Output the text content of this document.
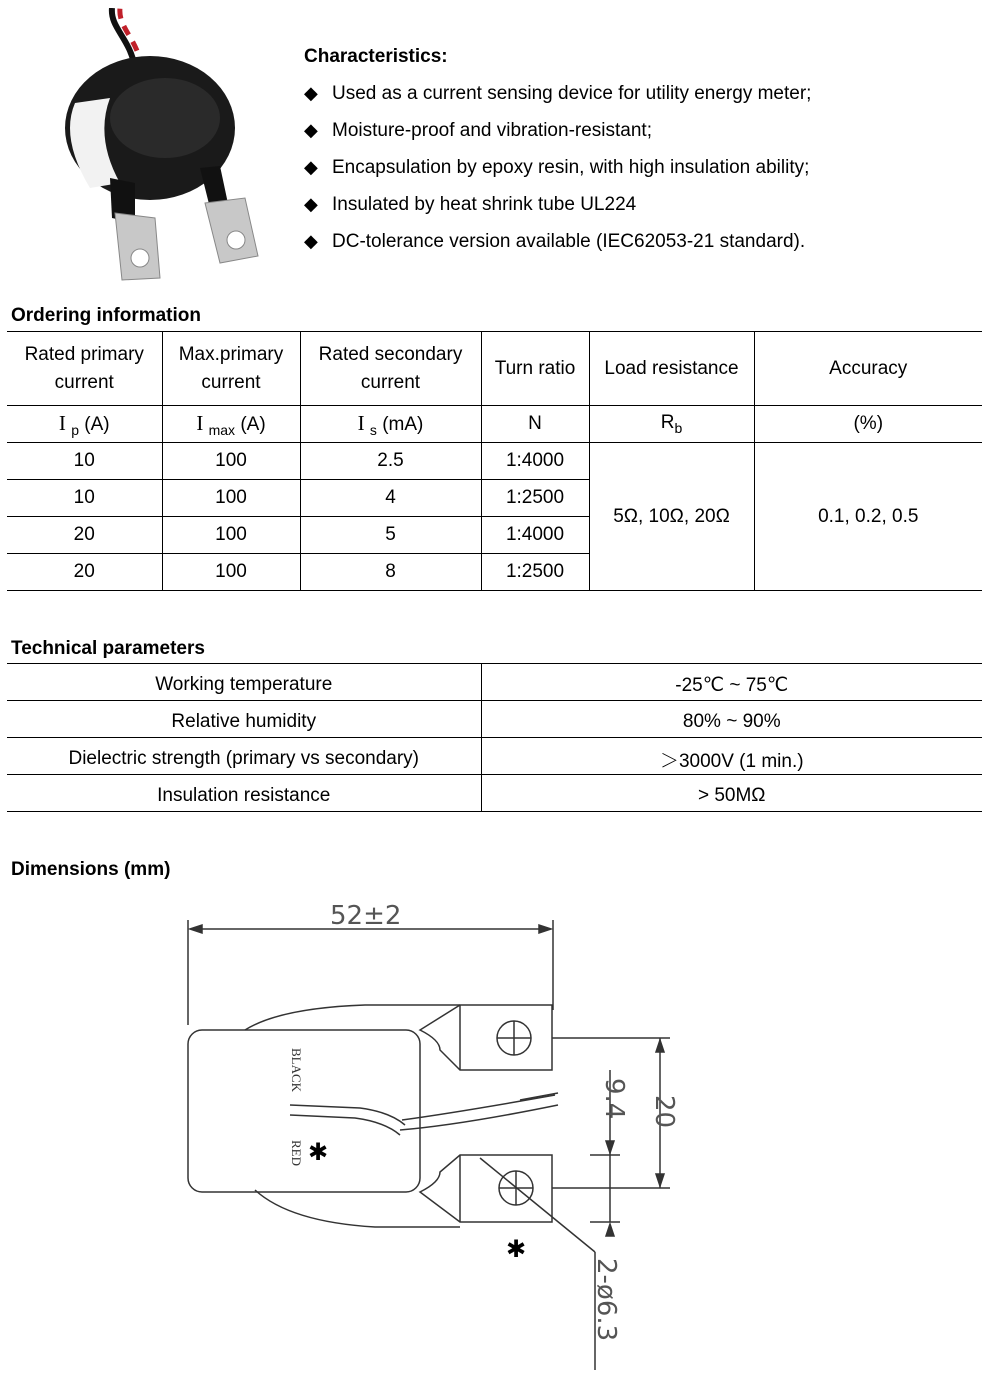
Characteristics:
◆ Used as a current sensing device for utility energy meter;
◆ Moisture-proof and vibration-resistant;
◆ Encapsulation by epoxy resin, with high insulation ability;
◆ Insulated by heat shrink tube UL224
◆ DC-tolerance version available (IEC62053-21 standard).
Ordering information
Rated primary
current	Max.primary
current	Rated secondary
current	Turn ratio	Load resistance	Accuracy
I $_p$ (A)	I $_{max}$ (A)	I $_s$ (mA)	N	$R_b$	(%)
10	100	2.5	1:4000	5Ω, 10Ω, 20Ω	0.1, 0.2, 0.5
10	100	4	1:2500		
20	100	5	1:4000		
20	100	8	1:2500		
Technical parameters
Working temperature	-25℃ ~ 75℃
Relative humidity	80% ~ 90%
Dielectric strength (primary vs secondary)	＞3000V (1 min.)
Insulation resistance	> 50MΩ
Dimensions (mm)
52±2
9.4 20
2-ø6.3
BLACK
RED ✱
✱
